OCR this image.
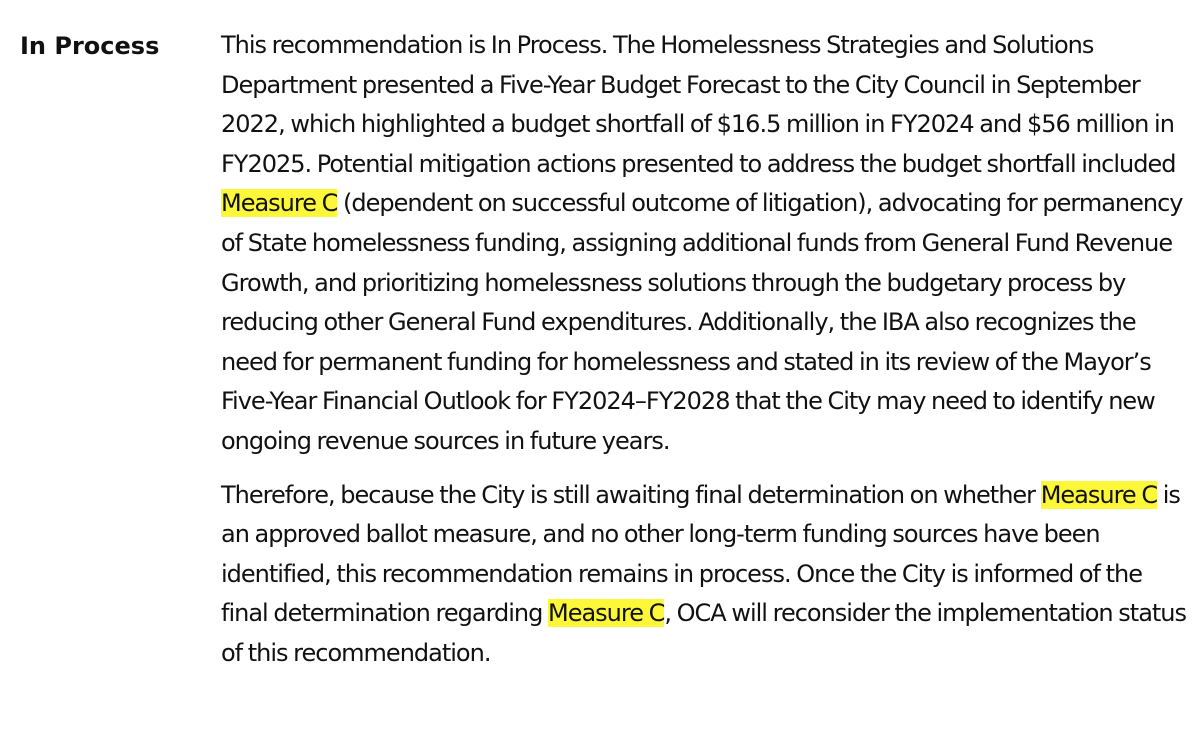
In Process	This recommendation is In Process. The Homelessness Strategies and Solutions Department presented a Five-Year Budget Forecast to the City Council in September 2022, which highlighted a budget shortfall of $16.5 million in FY2024 and $56 million in FY2025. Potential mitigation actions presented to address the budget shortfall included Measure C (dependent on successful outcome of litigation), advocating for permanency of State homelessness funding, assigning additional funds from General Fund Revenue Growth, and prioritizing homelessness solutions through the budgetary process by reducing other General Fund expenditures. Additionally, the IBA also recognizes the need for permanent funding for homelessness and stated in its review of the Mayor’s Five-Year Financial Outlook for FY2024–FY2028 that the City may need to identify new ongoing revenue sources in future years.

Therefore, because the City is still awaiting final determination on whether Measure C is an approved ballot measure, and no other long-term funding sources have been identified, this recommendation remains in process. Once the City is informed of the final determination regarding Measure C, OCA will reconsider the implementation status of this recommendation.
